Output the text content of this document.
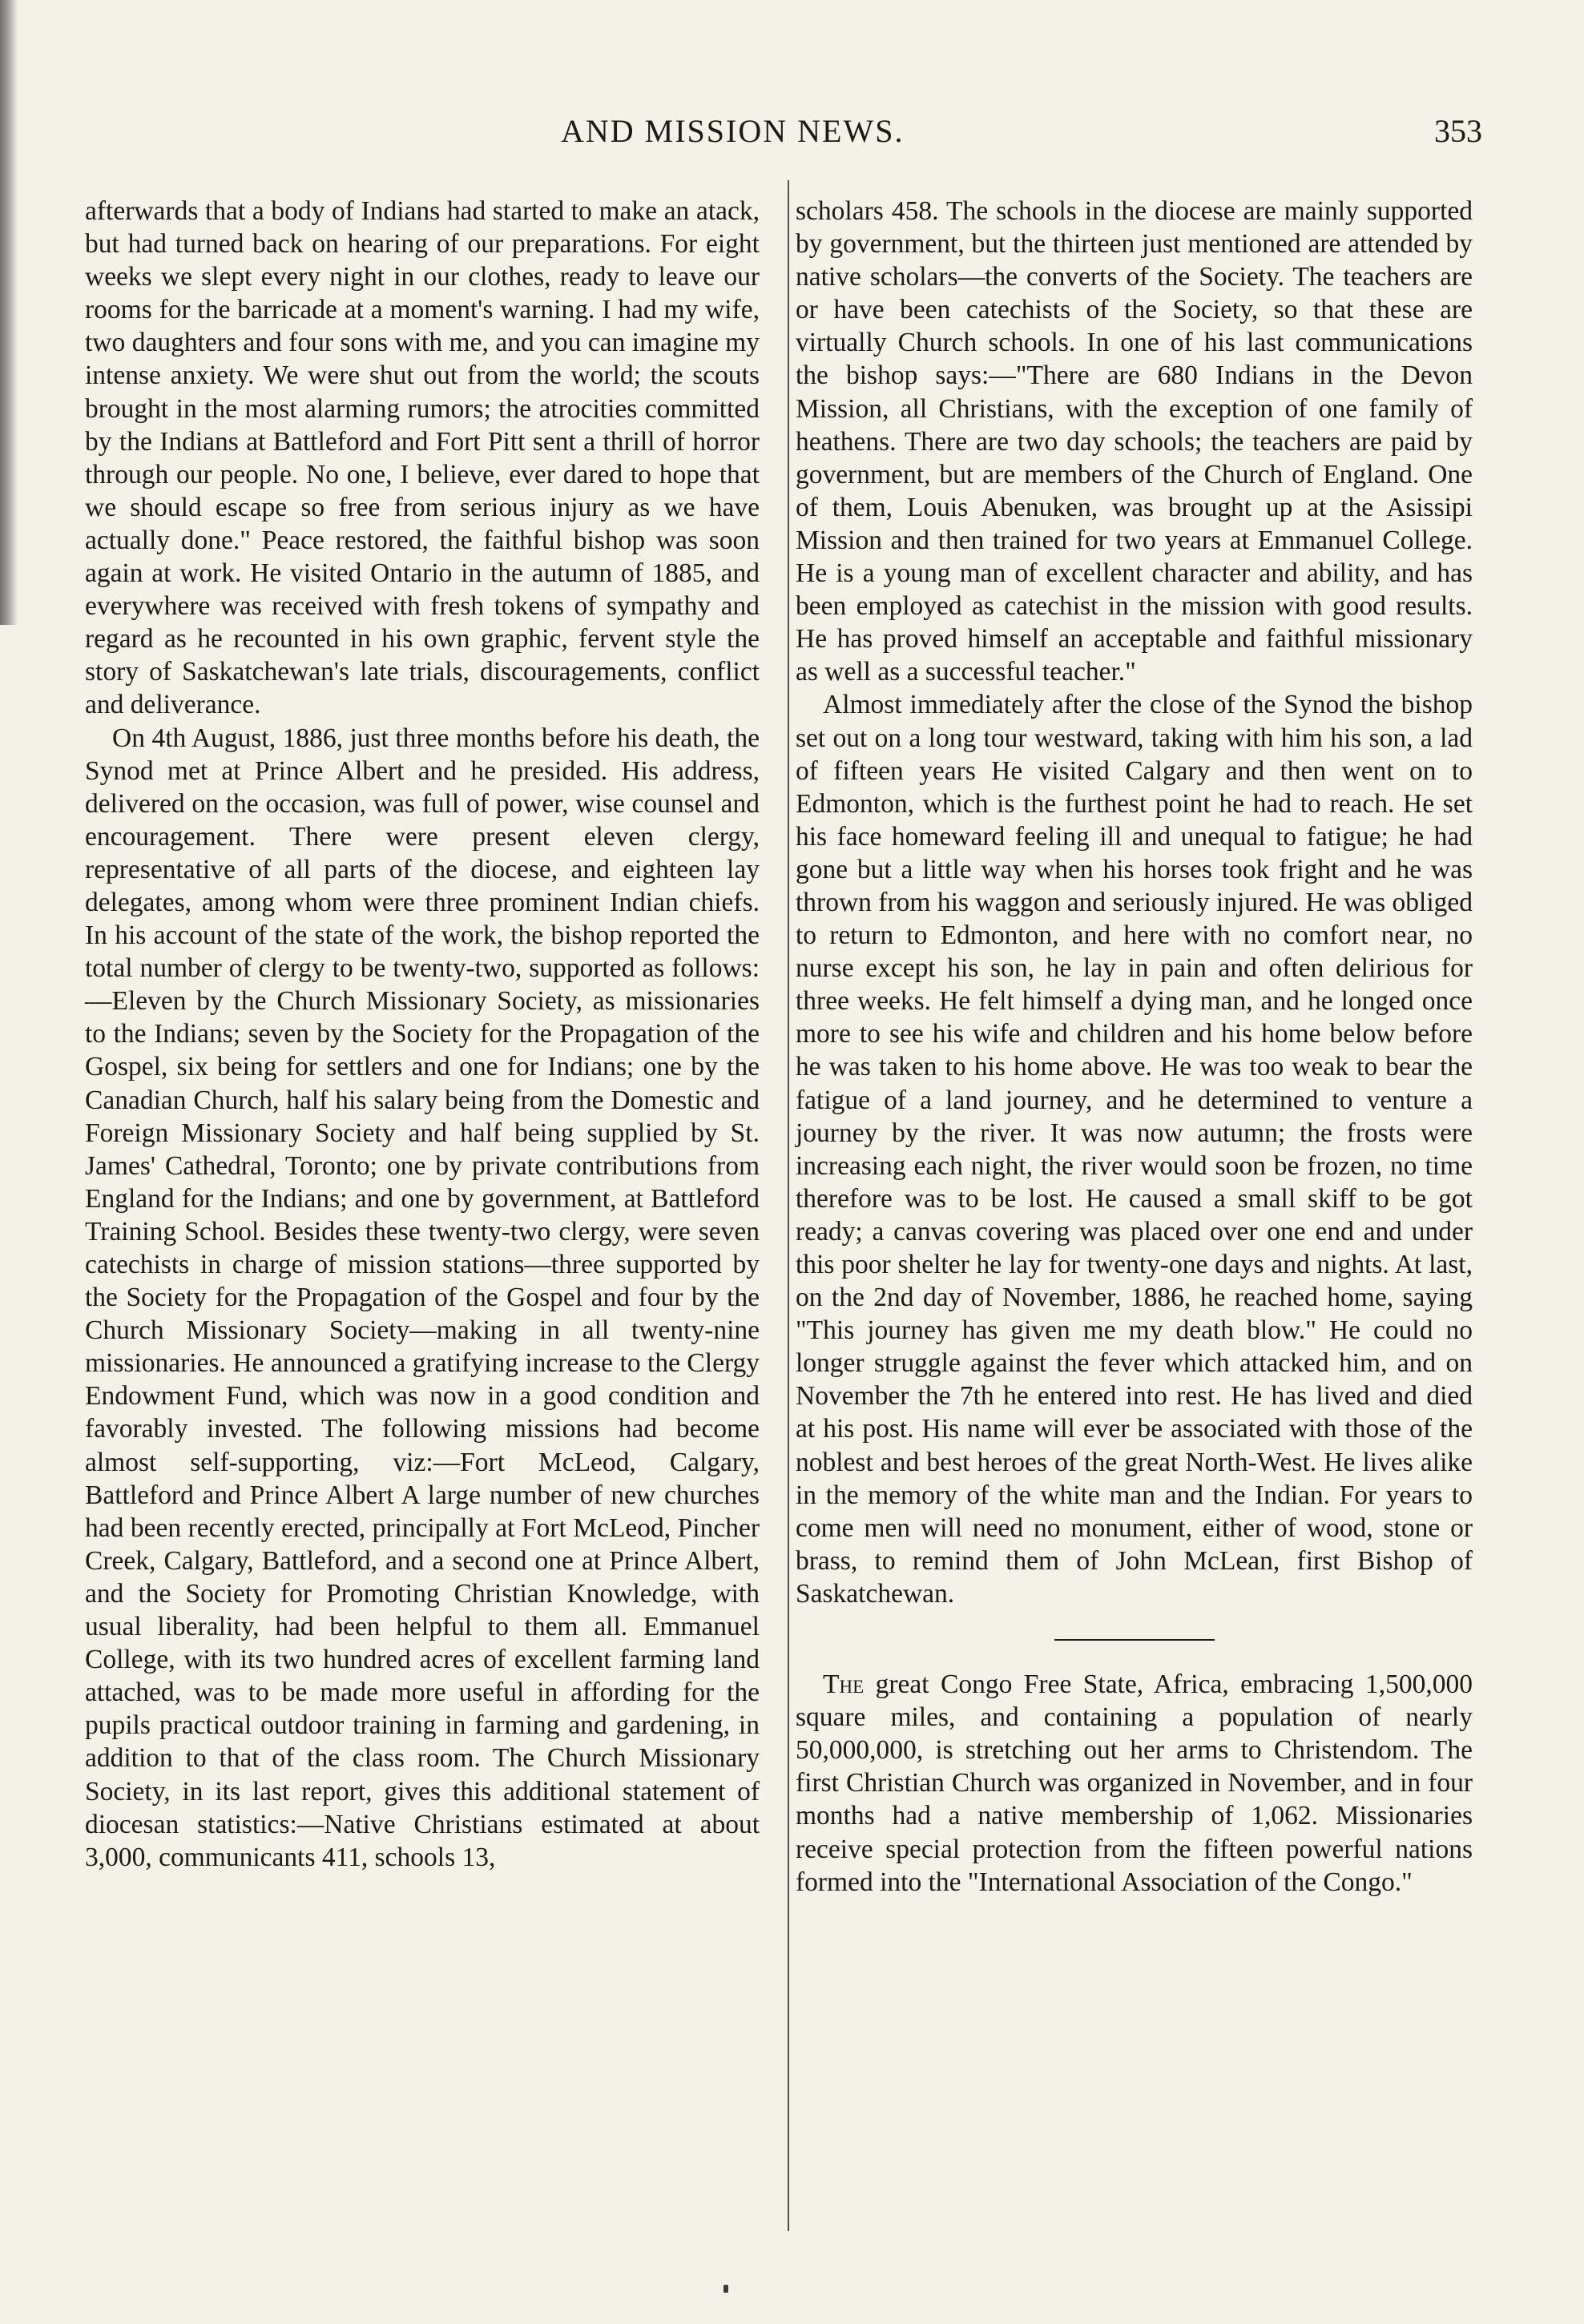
AND MISSION NEWS.	353

afterwards that a body of Indians had started to make an atack, but had turned back on hearing of our preparations. For eight weeks we slept every night in our clothes, ready to leave our rooms for the barricade at a moment's warning. I had my wife, two daughters and four sons with me, and you can imagine my intense anxiety. We were shut out from the world; the scouts brought in the most alarming rumors; the atrocities committed by the Indians at Battleford and Fort Pitt sent a thrill of horror through our people. No one, I believe, ever dared to hope that we should escape so free from serious injury as we have actually done." Peace restored, the faithful bishop was soon again at work. He visited Ontario in the autumn of 1885, and everywhere was received with fresh tokens of sympathy and regard as he recounted in his own graphic, fervent style the story of Saskatchewan's late trials, discouragements, conflict and deliverance.

On 4th August, 1886, just three months before his death, the Synod met at Prince Albert and he presided. His address, delivered on the occasion, was full of power, wise counsel and encouragement. There were present eleven clergy, representative of all parts of the diocese, and eighteen lay delegates, among whom were three prominent Indian chiefs. In his account of the state of the work, the bishop reported the total number of clergy to be twenty-two, supported as follows:—Eleven by the Church Missionary Society, as missionaries to the Indians; seven by the Society for the Propagation of the Gospel, six being for settlers and one for Indians; one by the Canadian Church, half his salary being from the Domestic and Foreign Missionary Society and half being supplied by St. James' Cathedral, Toronto; one by private contributions from England for the Indians; and one by government, at Battleford Training School. Besides these twenty-two clergy, were seven catechists in charge of mission stations—three supported by the Society for the Propagation of the Gospel and four by the Church Missionary Society—making in all twenty-nine missionaries. He announced a gratifying increase to the Clergy Endowment Fund, which was now in a good condition and favorably invested. The following missions had become almost self-supporting, viz:—Fort McLeod, Calgary, Battleford and Prince Albert A large number of new churches had been recently erected, principally at Fort McLeod, Pincher Creek, Calgary, Battleford, and a second one at Prince Albert, and the Society for Promoting Christian Knowledge, with usual liberality, had been helpful to them all. Emmanuel College, with its two hundred acres of excellent farming land attached, was to be made more useful in affording for the pupils practical outdoor training in farming and gardening, in addition to that of the class room. The Church Missionary Society, in its last report, gives this additional statement of diocesan statistics:—Native Christians estimated at about 3,000, communicants 411, schools 13,

scholars 458. The schools in the diocese are mainly supported by government, but the thirteen just mentioned are attended by native scholars—the converts of the Society. The teachers are or have been catechists of the Society, so that these are virtually Church schools. In one of his last communications the bishop says:—"There are 680 Indians in the Devon Mission, all Christians, with the exception of one family of heathens. There are two day schools; the teachers are paid by government, but are members of the Church of England. One of them, Louis Abenuken, was brought up at the Asissipi Mission and then trained for two years at Emmanuel College. He is a young man of excellent character and ability, and has been employed as catechist in the mission with good results. He has proved himself an acceptable and faithful missionary as well as a successful teacher."

Almost immediately after the close of the Synod the bishop set out on a long tour westward, taking with him his son, a lad of fifteen years He visited Calgary and then went on to Edmonton, which is the furthest point he had to reach. He set his face homeward feeling ill and unequal to fatigue; he had gone but a little way when his horses took fright and he was thrown from his waggon and seriously injured. He was obliged to return to Edmonton, and here with no comfort near, no nurse except his son, he lay in pain and often delirious for three weeks. He felt himself a dying man, and he longed once more to see his wife and children and his home below before he was taken to his home above. He was too weak to bear the fatigue of a land journey, and he determined to venture a journey by the river. It was now autumn; the frosts were increasing each night, the river would soon be frozen, no time therefore was to be lost. He caused a small skiff to be got ready; a canvas covering was placed over one end and under this poor shelter he lay for twenty-one days and nights. At last, on the 2nd day of November, 1886, he reached home, saying "This journey has given me my death blow." He could no longer struggle against the fever which attacked him, and on November the 7th he entered into rest. He has lived and died at his post. His name will ever be associated with those of the noblest and best heroes of the great North-West. He lives alike in the memory of the white man and the Indian. For years to come men will need no monument, either of wood, stone or brass, to remind them of John McLean, first Bishop of Saskatchewan.

The great Congo Free State, Africa, embracing 1,500,000 square miles, and containing a population of nearly 50,000,000, is stretching out her arms to Christendom. The first Christian Church was organized in November, and in four months had a native membership of 1,062. Missionaries receive special protection from the fifteen powerful nations formed into the "International Association of the Congo."
